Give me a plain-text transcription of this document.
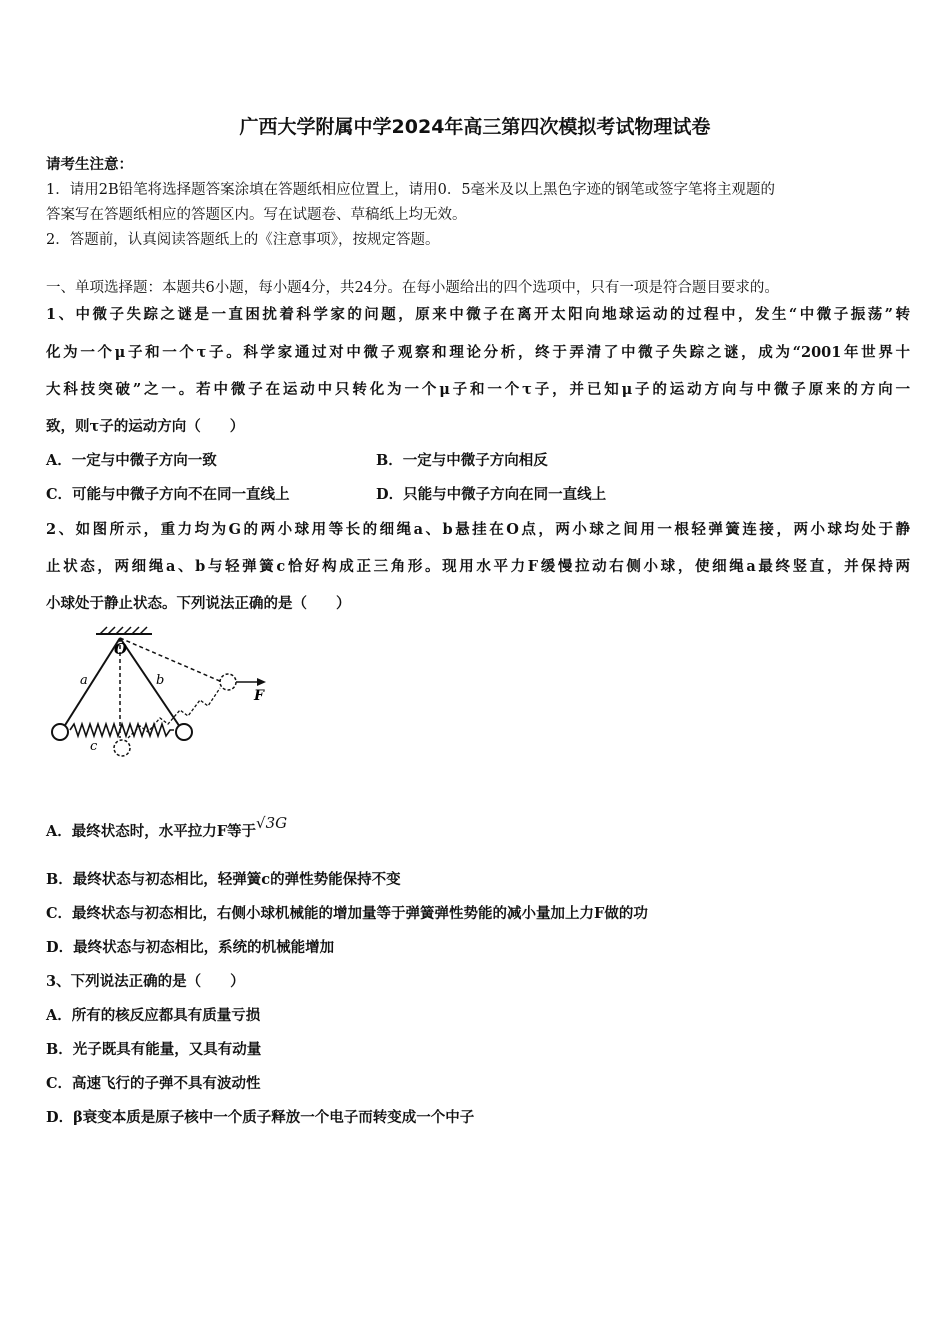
广西大学附属中学2024年高三第四次模拟考试物理试卷
请考生注意：
1．请用2B铅笔将选择题答案涂填在答题纸相应位置上，请用0．5毫米及以上黑色字迹的钢笔或签字笔将主观题的
答案写在答题纸相应的答题区内。写在试题卷、草稿纸上均无效。
2．答题前，认真阅读答题纸上的《注意事项》，按规定答题。
一、单项选择题：本题共6小题，每小题4分，共24分。在每小题给出的四个选项中，只有一项是符合题目要求的。
1、中微子失踪之谜是一直困扰着科学家的问题，原来中微子在离开太阳向地球运动的过程中，发生“中微子振荡”转
化为一个μ子和一个τ子。科学家通过对中微子观察和理论分析，终于弄清了中微子失踪之谜，成为“2001年世界十
大科技突破”之一。若中微子在运动中只转化为一个μ子和一个τ子，并已知μ子的运动方向与中微子原来的方向一
致，则τ子的运动方向（　　）
A．一定与中微子方向一致	B．一定与中微子方向相反
C．可能与中微子方向不在同一直线上	D．只能与中微子方向在同一直线上
2、如图所示，重力均为G的两小球用等长的细绳a、b悬挂在O点，两小球之间用一根轻弹簧连接，两小球均处于静
止状态，两细绳a、b与轻弹簧c恰好构成正三角形。现用水平力F缓慢拉动右侧小球，使细绳a最终竖直，并保持两
小球处于静止状态。下列说法正确的是（　　）
O
a	b
c
F
A．最终状态时，水平拉力F等于√3G
B．最终状态与初态相比，轻弹簧c的弹性势能保持不变
C．最终状态与初态相比，右侧小球机械能的增加量等于弹簧弹性势能的减小量加上力F做的功
D．最终状态与初态相比，系统的机械能增加
3、下列说法正确的是（　　）
A．所有的核反应都具有质量亏损
B．光子既具有能量，又具有动量
C．高速飞行的子弹不具有波动性
D．β衰变本质是原子核中一个质子释放一个电子而转变成一个中子
